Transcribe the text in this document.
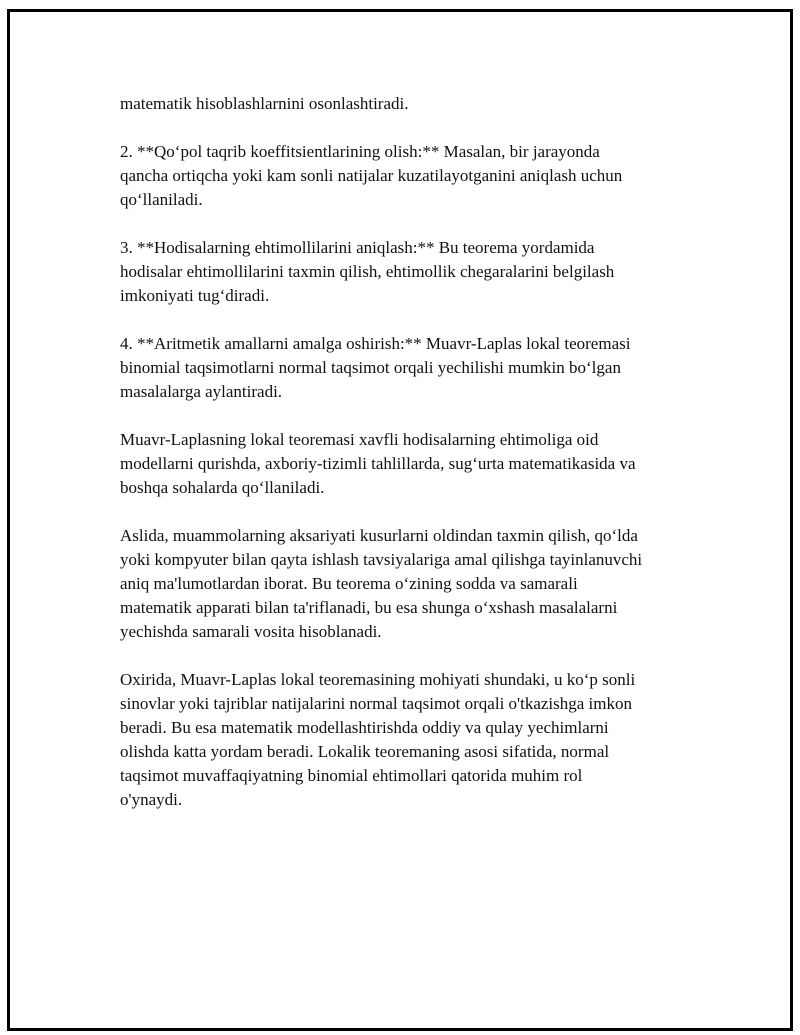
matematik hisoblashlarnini osonlashtiradi.

2. **Qo‘pol taqrib koeffitsientlarining olish:** Masalan, bir jarayonda
qancha ortiqcha yoki kam sonli natijalar kuzatilayotganini aniqlash uchun
qo‘llaniladi.

3. **Hodisalarning ehtimollilarini aniqlash:** Bu teorema yordamida
hodisalar ehtimollilarini taxmin qilish, ehtimollik chegaralarini belgilash
imkoniyati tug‘diradi.

4. **Aritmetik amallarni amalga oshirish:** Muavr-Laplas lokal teoremasi
binomial taqsimotlarni normal taqsimot orqali yechilishi mumkin bo‘lgan
masalalarga aylantiradi.

Muavr-Laplasning lokal teoremasi xavfli hodisalarning ehtimoliga oid
modellarni qurishda, axboriy-tizimli tahlillarda, sug‘urta matematikasida va
boshqa sohalarda qo‘llaniladi.

Aslida, muammolarning aksariyati kusurlarni oldindan taxmin qilish, qo‘lda
yoki kompyuter bilan qayta ishlash tavsiyalariga amal qilishga tayinlanuvchi
aniq ma'lumotlardan iborat. Bu teorema o‘zining sodda va samarali
matematik apparati bilan ta'riflanadi, bu esa shunga o‘xshash masalalarni
yechishda samarali vosita hisoblanadi.

Oxirida, Muavr-Laplas lokal teoremasining mohiyati shundaki, u ko‘p sonli
sinovlar yoki tajriblar natijalarini normal taqsimot orqali o'tkazishga imkon
beradi. Bu esa matematik modellashtirishda oddiy va qulay yechimlarni
olishda katta yordam beradi. Lokalik teoremaning asosi sifatida, normal
taqsimot muvaffaqiyatning binomial ehtimollari qatorida muhim rol
o'ynaydi.
